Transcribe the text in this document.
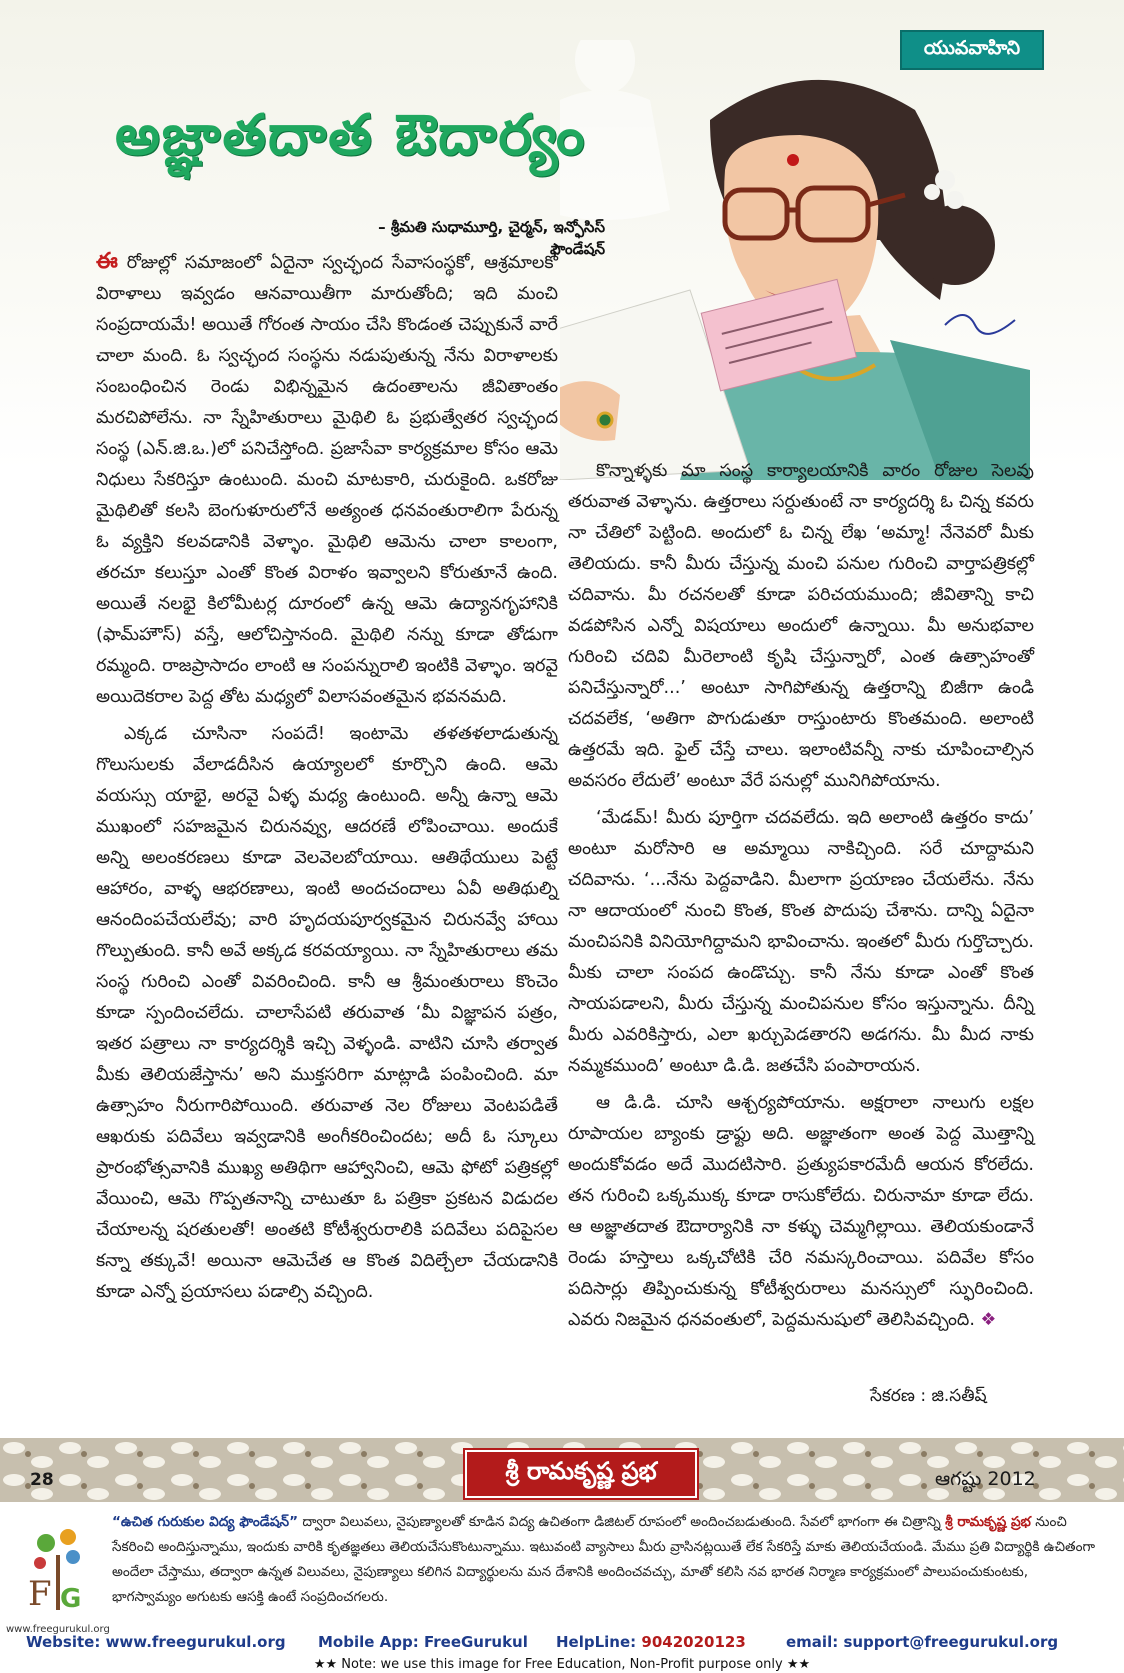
యువవాహిని
అజ్ఞాతదాత ఔదార్యం
– శ్రీమతి సుధామూర్తి, చైర్మన్, ఇన్ఫోసిస్ ఫౌండేషన్

ఈ రోజుల్లో సమాజంలో ఏదైనా స్వచ్ఛంద సేవాసంస్థకో, ఆశ్రమాలకో విరాళాలు ఇవ్వడం ఆనవాయితీగా మారుతోంది; ఇది మంచి సంప్రదాయమే! అయితే గోరంత సాయం చేసి కొండంత చెప్పుకునే వారే చాలా మంది. ఓ స్వచ్ఛంద సంస్థను నడుపుతున్న నేను విరాళాలకు సంబంధించిన రెండు విభిన్నమైన ఉదంతాలను జీవితాంతం మరచిపోలేను. నా స్నేహితురాలు మైథిలి ఓ ప్రభుత్వేతర స్వచ్ఛంద సంస్థ (ఎన్.జి.ఒ.)లో పనిచేస్తోంది. ప్రజాసేవా కార్యక్రమాల కోసం ఆమె నిధులు సేకరిస్తూ ఉంటుంది. మంచి మాటకారి, చురుకైంది. ఒకరోజు మైథిలితో కలసి బెంగుళూరులోనే అత్యంత ధనవంతురాలిగా పేరున్న ఓ వ్యక్తిని కలవడానికి వెళ్ళాం. మైథిలి ఆమెను చాలా కాలంగా, తరచూ కలుస్తూ ఎంతో కొంత విరాళం ఇవ్వాలని కోరుతూనే ఉంది. అయితే నలభై కిలోమీటర్ల దూరంలో ఉన్న ఆమె ఉద్యానగృహానికి (ఫామ్‌హౌస్) వస్తే, ఆలోచిస్తానంది. మైథిలి నన్ను కూడా తోడుగా రమ్మంది. రాజప్రాసాదం లాంటి ఆ సంపన్నురాలి ఇంటికి వెళ్ళాం. ఇరవై అయిదెకరాల పెద్ద తోట మధ్యలో విలాసవంతమైన భవనమది.

ఎక్కడ చూసినా సంపదే! ఇంటామె తళతళలాడుతున్న గొలుసులకు వేలాడదీసిన ఉయ్యాలలో కూర్చొని ఉంది. ఆమె వయస్సు యాభై, అరవై ఏళ్ళ మధ్య ఉంటుంది. అన్నీ ఉన్నా ఆమె ముఖంలో సహజమైన చిరునవ్వు, ఆదరణే లోపించాయి. అందుకే అన్ని అలంకరణలు కూడా వెలవెలబోయాయి. ఆతిథేయులు పెట్టే ఆహారం, వాళ్ళ ఆభరణాలు, ఇంటి అందచందాలు ఏవీ అతిథుల్ని ఆనందింపచేయలేవు; వారి హృదయపూర్వకమైన చిరునవ్వే హాయి గొల్పుతుంది. కానీ అవే అక్కడ కరవయ్యాయి. నా స్నేహితురాలు తమ సంస్థ గురించి ఎంతో వివరించింది. కానీ ఆ శ్రీమంతురాలు కొంచెం కూడా స్పందించలేదు. చాలాసేపటి తరువాత ‘మీ విజ్ఞాపన పత్రం, ఇతర పత్రాలు నా కార్యదర్శికి ఇచ్చి వెళ్ళండి. వాటిని చూసి తర్వాత మీకు తెలియజేస్తాను’ అని ముక్తసరిగా మాట్లాడి పంపించింది. మా ఉత్సాహం నీరుగారిపోయింది. తరువాత నెల రోజులు వెంటపడితే ఆఖరుకు పదివేలు ఇవ్వడానికి అంగీకరించిందట; అదీ ఓ స్కూలు ప్రారంభోత్సవానికి ముఖ్య అతిథిగా ఆహ్వానించి, ఆమె ఫోటో పత్రికల్లో వేయించి, ఆమె గొప్పతనాన్ని చాటుతూ ఓ పత్రికా ప్రకటన విడుదల చేయాలన్న షరతులతో! అంతటి కోటీశ్వరురాలికి పదివేలు పదిపైసల కన్నా తక్కువే! అయినా ఆమెచేత ఆ కొంత విదిల్చేలా చేయడానికి కూడా ఎన్నో ప్రయాసలు పడాల్సి వచ్చింది.

కొన్నాళ్ళకు మా సంస్థ కార్యాలయానికి వారం రోజుల సెలవు తరువాత వెళ్ళాను. ఉత్తరాలు సర్దుతుంటే నా కార్యదర్శి ఓ చిన్న కవరు నా చేతిలో పెట్టింది. అందులో ఓ చిన్న లేఖ ‘అమ్మా! నేనెవరో మీకు తెలియదు. కానీ మీరు చేస్తున్న మంచి పనుల గురించి వార్తాపత్రికల్లో చదివాను. మీ రచనలతో కూడా పరిచయముంది; జీవితాన్ని కాచి వడపోసిన ఎన్నో విషయాలు అందులో ఉన్నాయి. మీ అనుభవాల గురించి చదివి మీరెలాంటి కృషి చేస్తున్నారో, ఎంత ఉత్సాహంతో పనిచేస్తున్నారో...’ అంటూ సాగిపోతున్న ఉత్తరాన్ని బిజీగా ఉండి చదవలేక, ‘అతిగా పొగుడుతూ రాస్తుంటారు కొంతమంది. అలాంటి ఉత్తరమే ఇది. ఫైల్ చేస్తే చాలు. ఇలాంటివన్నీ నాకు చూపించాల్సిన అవసరం లేదులే’ అంటూ వేరే పనుల్లో మునిగిపోయాను.

‘మేడమ్! మీరు పూర్తిగా చదవలేదు. ఇది అలాంటి ఉత్తరం కాదు’ అంటూ మరోసారి ఆ అమ్మాయి నాకిచ్చింది. సరే చూద్దామని చదివాను. ‘...నేను పెద్దవాడిని. మీలాగా ప్రయాణం చేయలేను. నేను నా ఆదాయంలో నుంచి కొంత, కొంత పొదుపు చేశాను. దాన్ని ఏదైనా మంచిపనికి వినియోగిద్దామని భావించాను. ఇంతలో మీరు గుర్తొచ్చారు. మీకు చాలా సంపద ఉండొచ్చు. కానీ నేను కూడా ఎంతో కొంత సాయపడాలని, మీరు చేస్తున్న మంచిపనుల కోసం ఇస్తున్నాను. దీన్ని మీరు ఎవరికిస్తారు, ఎలా ఖర్చుపెడతారని అడగను. మీ మీద నాకు నమ్మకముంది’ అంటూ డి.డి. జతచేసి పంపారాయన.

ఆ డి.డి. చూసి ఆశ్చర్యపోయాను. అక్షరాలా నాలుగు లక్షల రూపాయల బ్యాంకు డ్రాఫ్టు అది. అజ్ఞాతంగా అంత పెద్ద మొత్తాన్ని అందుకోవడం అదే మొదటిసారి. ప్రత్యుపకారమేదీ ఆయన కోరలేదు. తన గురించి ఒక్కముక్క కూడా రాసుకోలేదు. చిరునామా కూడా లేదు. ఆ అజ్ఞాతదాత ఔదార్యానికి నా కళ్ళు చెమ్మగిల్లాయి. తెలియకుండానే రెండు హస్తాలు ఒక్కచోటికి చేరి నమస్కరించాయి. పదివేల కోసం పదిసార్లు తిప్పించుకున్న కోటీశ్వరురాలు మనస్సులో స్ఫురించింది. ఎవరు నిజమైన ధనవంతులో, పెద్దమనుషులో తెలిసివచ్చింది. ❖

సేకరణ : జి.సతీష్
28	శ్రీ రామకృష్ణ ప్రభ	ఆగష్టు 2012
F G
www.freegurukul.org
“ఉచిత గురుకుల విద్య ఫౌండేషన్” ద్వారా విలువలు, నైపుణ్యాలతో కూడిన విద్య ఉచితంగా డిజిటల్ రూపంలో అందించబడుతుంది. సేవలో భాగంగా ఈ చిత్రాన్ని శ్రీ రామకృష్ణ ప్రభ నుంచి సేకరించి అందిస్తున్నాము, ఇందుకు వారికి కృతజ్ఞతలు తెలియచేసుకొంటున్నాము. ఇటువంటి వ్యాసాలు మీరు వ్రాసినట్లయితే లేక సేకరిస్తే మాకు తెలియచేయండి. మేము ప్రతి విద్యార్థికి ఉచితంగా అందేలా చేస్తాము, తద్వారా ఉన్నత విలువలు, నైపుణ్యాలు కలిగిన విద్యార్థులను మన దేశానికి అందించవచ్చు, మాతో కలిసి నవ భారత నిర్మాణ కార్యక్రమంలో పాలుపంచుకుంటకు, భాగస్వామ్యం అగుటకు ఆసక్తి ఉంటే సంప్రదించగలరు.
Website: www.freegurukul.org Mobile App: FreeGurukul HelpLine: 9042020123	email: support@freegurukul.org
★★ Note: we use this image for Free Education, Non-Profit purpose only ★★
